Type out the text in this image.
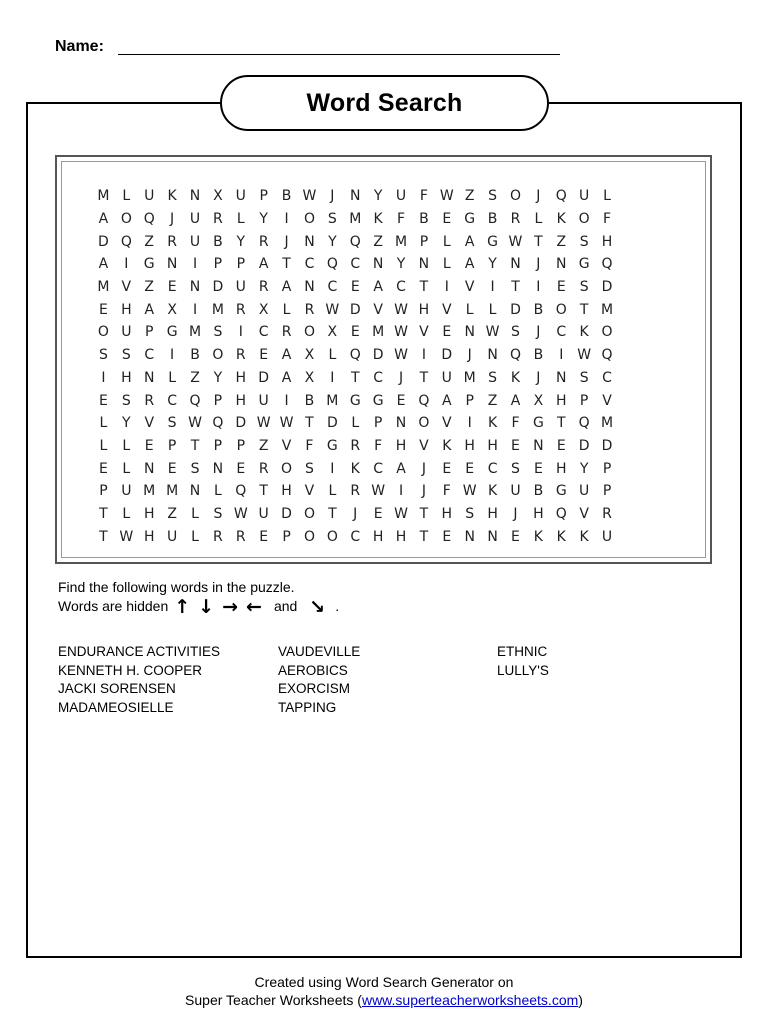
Name:
Word Search
M L U K N X U P B W J	N Y U F W Z S O	J	Q U L
A O Q	J	U R	L	Y	I	O S M K	F	B E G B R	L	K O F
D Q Z R U B Y R	J	N Y Q Z M P	L	A G W T Z S H
A	I	G N	I	P	P A T C Q C N Y N L	A Y N	J	N G Q
M V Z E N D U R A N C E A C T	I	V	I	T	I	E	S D
E H A X	I	M R X	L	R W D V W H V	L	L D B O T M
O U P G M S	I	C R O X E M W V E N W S	J	C K O
S	S C	I	B O R E A X	L Q D W I	D	J	N Q B	I W Q
I	H N L	Z Y H D A X	I	T C	J	T U M S K	J	N S C
E	S R C Q P H U	I	B M G G E Q A P Z A X H P V
L	Y V S W Q D W W T D L	P N O V	I	K	F G T Q M
L	L	E	P	T	P	P Z V	F G R F H V K H H E N E D D
E	L N E	S N E R O S	I	K C A	J	E	E C S	E H Y	P
P U M M N L Q T H V	L	R W I	J	F W K U B G U P
T	L H Z	L	S W U D O T	J	E W T H S H	J	H Q V R
T W H U L	R R E	P O O C H H T	E N N E K K K U
Find the following words in the puzzle.
Words are hidden ↑ ↓ → ← and ↘ .
ENDURANCE ACTIVITIES
KENNETH H. COOPER
JACKI SORENSEN
MADAMEOSIELLE
VAUDEVILLE
AEROBICS
EXORCISM
TAPPING
ETHNIC
LULLY'S
Created using Word Search Generator on
Super Teacher Worksheets (www.superteacherworksheets.com)
